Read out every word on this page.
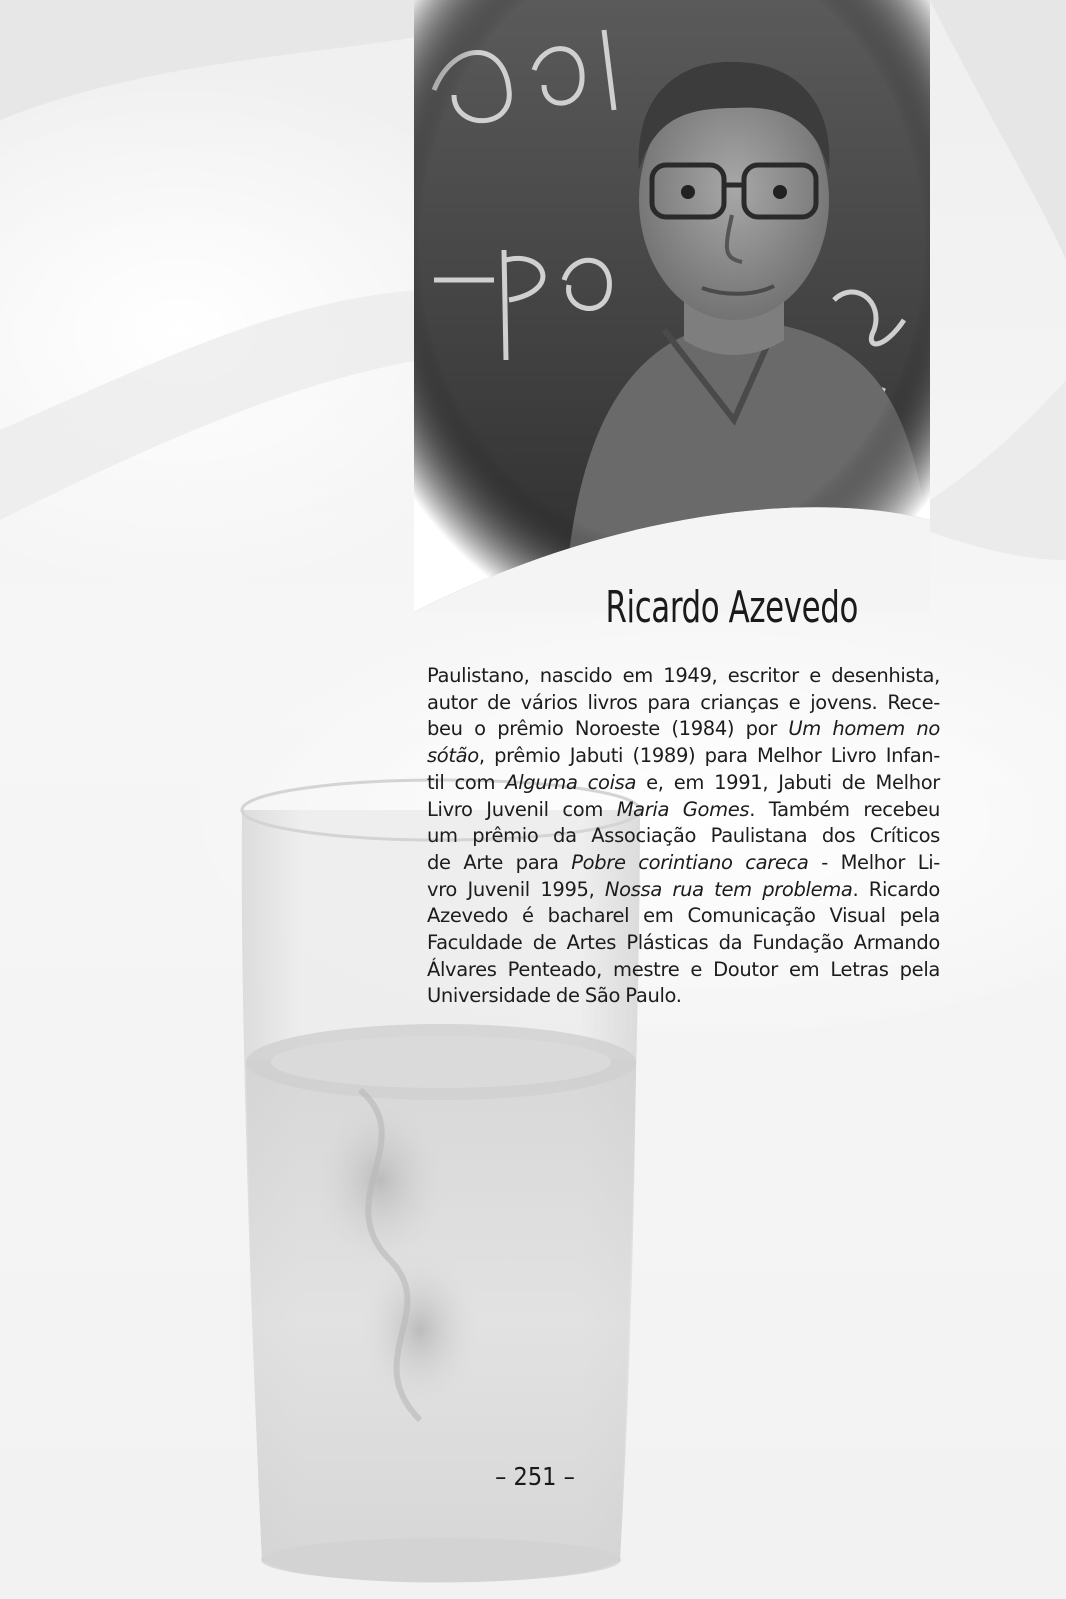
Ricardo Azevedo
Paulistano, nascido em 1949, escritor e desenhista,
autor de vários livros para crianças e jovens. Rece-
beu o prêmio Noroeste (1984) por Um homem no
sótão, prêmio Jabuti (1989) para Melhor Livro Infan-
til com Alguma coisa e, em 1991, Jabuti de Melhor
Livro Juvenil com Maria Gomes. Também recebeu
um prêmio da Associação Paulistana dos Críticos
de Arte para Pobre corintiano careca - Melhor Li-
vro Juvenil 1995, Nossa rua tem problema. Ricardo
Azevedo é bacharel em Comunicação Visual pela
Faculdade de Artes Plásticas da Fundação Armando
Álvares Penteado, mestre e Doutor em Letras pela
Universidade de São Paulo.
– 251 –
